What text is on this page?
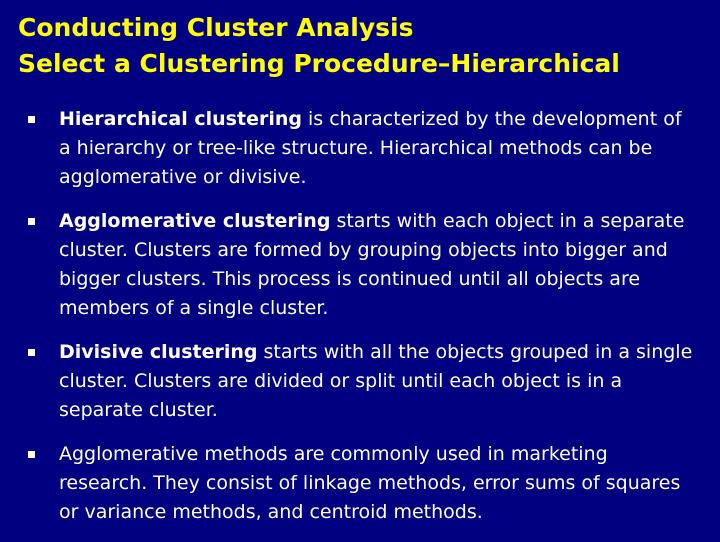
Conducting Cluster Analysis
Select a Clustering Procedure–Hierarchical
Hierarchical clustering is characterized by the development of a hierarchy or tree-like structure. Hierarchical methods can be agglomerative or divisive.
Agglomerative clustering starts with each object in a separate cluster. Clusters are formed by grouping objects into bigger and bigger clusters. This process is continued until all objects are members of a single cluster.
Divisive clustering starts with all the objects grouped in a single cluster. Clusters are divided or split until each object is in a separate cluster.
Agglomerative methods are commonly used in marketing research. They consist of linkage methods, error sums of squares or variance methods, and centroid methods.
